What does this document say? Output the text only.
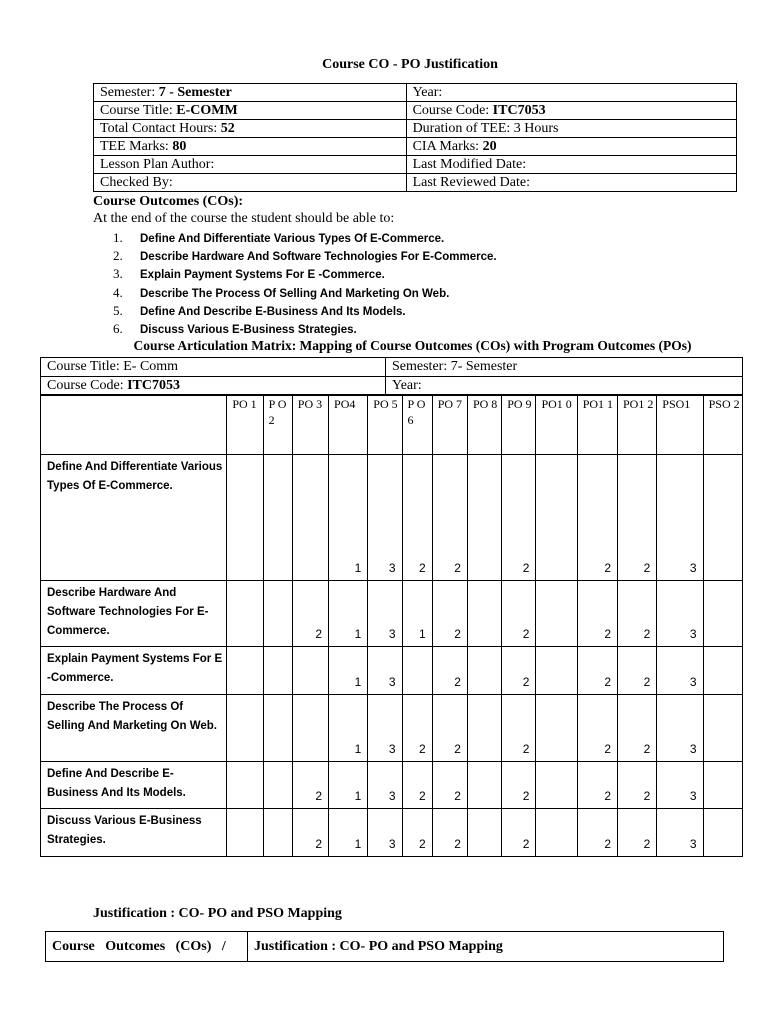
Course CO - PO Justification
Semester: 7 - Semester	Year:
Course Title: E-COMM	Course Code: ITC7053
Total Contact Hours: 52	Duration of TEE: 3 Hours
TEE Marks: 80	CIA Marks: 20
Lesson Plan Author:	Last Modified Date:
Checked By:	Last Reviewed Date:
Course Outcomes (COs):
At the end of the course the student should be able to:
1. Define And Differentiate Various Types Of E-Commerce.
2. Describe Hardware And Software Technologies For E-Commerce.
3. Explain Payment Systems For E -Commerce.
4. Describe The Process Of Selling And Marketing On Web.
5. Define And Describe E-Business And Its Models.
6. Discuss Various E-Business Strategies.
Course Articulation Matrix: Mapping of Course Outcomes (COs) with Program Outcomes (POs)
Course Title: E- Comm	Semester: 7- Semester
Course Code: ITC7053	Year:
	PO 1	P O 2	PO 3	PO4	PO 5	P O 6	PO 7	PO 8	PO 9	PO1 0	PO1 1	PO1 2	PSO1	PSO 2
Define And Differentiate Various Types Of E-Commerce.				1	3	2	2		2		2	2	3	
Describe Hardware And Software Technologies For E-Commerce.			2	1	3	1	2		2		2	2	3	
Explain Payment Systems For E -Commerce.				1	3		2		2		2	2	3	
Describe The Process Of Selling And Marketing On Web.				1	3	2	2		2		2	2	3	
Define And Describe E-Business And Its Models.			2	1	3	2	2		2		2	2	3	
Discuss Various E-Business Strategies.			2	1	3	2	2		2		2	2	3	
Justification : CO- PO and PSO Mapping
Course   Outcomes   (COs)   /	Justification : CO- PO and PSO Mapping
